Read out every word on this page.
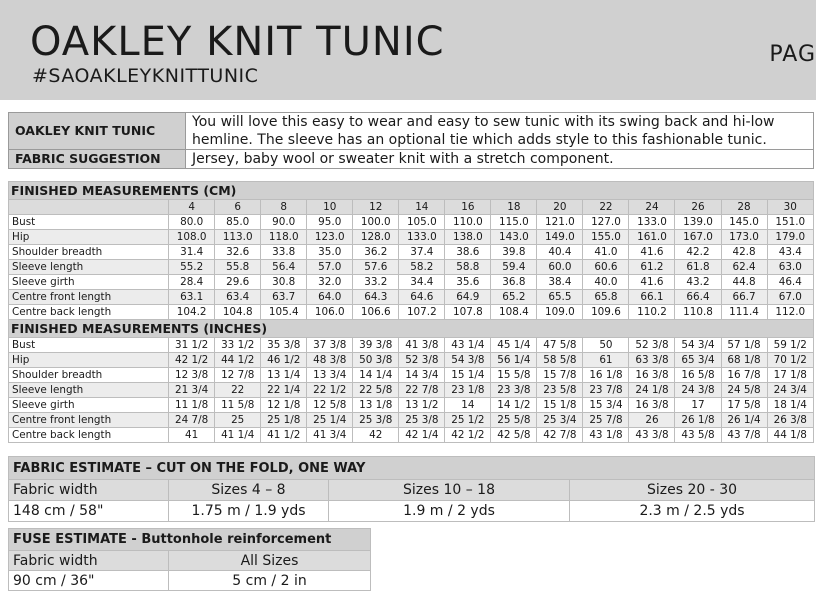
OAKLEY KNIT TUNIC
#SAOAKLEYKNITTUNIC
PAG
OAKLEY KNIT TUNIC	You will love this easy to wear and easy to sew tunic with its swing back and hi-low hemline. The sleeve has an optional tie which adds style to this fashionable tunic.
FABRIC SUGGESTION	Jersey, baby wool or sweater knit with a stretch component.
FINISHED MEASUREMENTS (CM)														
	4	6	8	10	12	14	16	18	20	22	24	26	28	30
Bust	80.0	85.0	90.0	95.0	100.0	105.0	110.0	115.0	121.0	127.0	133.0	139.0	145.0	151.0
Hip	108.0	113.0	118.0	123.0	128.0	133.0	138.0	143.0	149.0	155.0	161.0	167.0	173.0	179.0
Shoulder breadth	31.4	32.6	33.8	35.0	36.2	37.4	38.6	39.8	40.4	41.0	41.6	42.2	42.8	43.4
Sleeve length	55.2	55.8	56.4	57.0	57.6	58.2	58.8	59.4	60.0	60.6	61.2	61.8	62.4	63.0
Sleeve girth	28.4	29.6	30.8	32.0	33.2	34.4	35.6	36.8	38.4	40.0	41.6	43.2	44.8	46.4
Centre front length	63.1	63.4	63.7	64.0	64.3	64.6	64.9	65.2	65.5	65.8	66.1	66.4	66.7	67.0
Centre back length	104.2	104.8	105.4	106.0	106.6	107.2	107.8	108.4	109.0	109.6	110.2	110.8	111.4	112.0
FINISHED MEASUREMENTS (INCHES)														
Bust	31 1/2	33 1/2	35 3/8	37 3/8	39 3/8	41 3/8	43 1/4	45 1/4	47 5/8	50	52 3/8	54 3/4	57 1/8	59 1/2
Hip	42 1/2	44 1/2	46 1/2	48 3/8	50 3/8	52 3/8	54 3/8	56 1/4	58 5/8	61	63 3/8	65 3/4	68 1/8	70 1/2
Shoulder breadth	12 3/8	12 7/8	13 1/4	13 3/4	14 1/4	14 3/4	15 1/4	15 5/8	15 7/8	16 1/8	16 3/8	16 5/8	16 7/8	17 1/8
Sleeve length	21 3/4	22	22 1/4	22 1/2	22 5/8	22 7/8	23 1/8	23 3/8	23 5/8	23 7/8	24 1/8	24 3/8	24 5/8	24 3/4
Sleeve girth	11 1/8	11 5/8	12 1/8	12 5/8	13 1/8	13 1/2	14	14 1/2	15 1/8	15 3/4	16 3/8	17	17 5/8	18 1/4
Centre front length	24 7/8	25	25 1/8	25 1/4	25 3/8	25 3/8	25 1/2	25 5/8	25 3/4	25 7/8	26	26 1/8	26 1/4	26 3/8
Centre back length	41	41 1/4	41 1/2	41 3/4	42	42 1/4	42 1/2	42 5/8	42 7/8	43 1/8	43 3/8	43 5/8	43 7/8	44 1/8
FABRIC ESTIMATE – CUT ON THE FOLD, ONE WAY			
Fabric width	Sizes 4 – 8	Sizes 10 – 18	Sizes 20 - 30
148 cm / 58"	1.75 m / 1.9 yds	1.9 m / 2 yds	2.3 m / 2.5 yds
FUSE ESTIMATE - Buttonhole reinforcement	
Fabric width	All Sizes
90 cm / 36"	5 cm / 2 in
